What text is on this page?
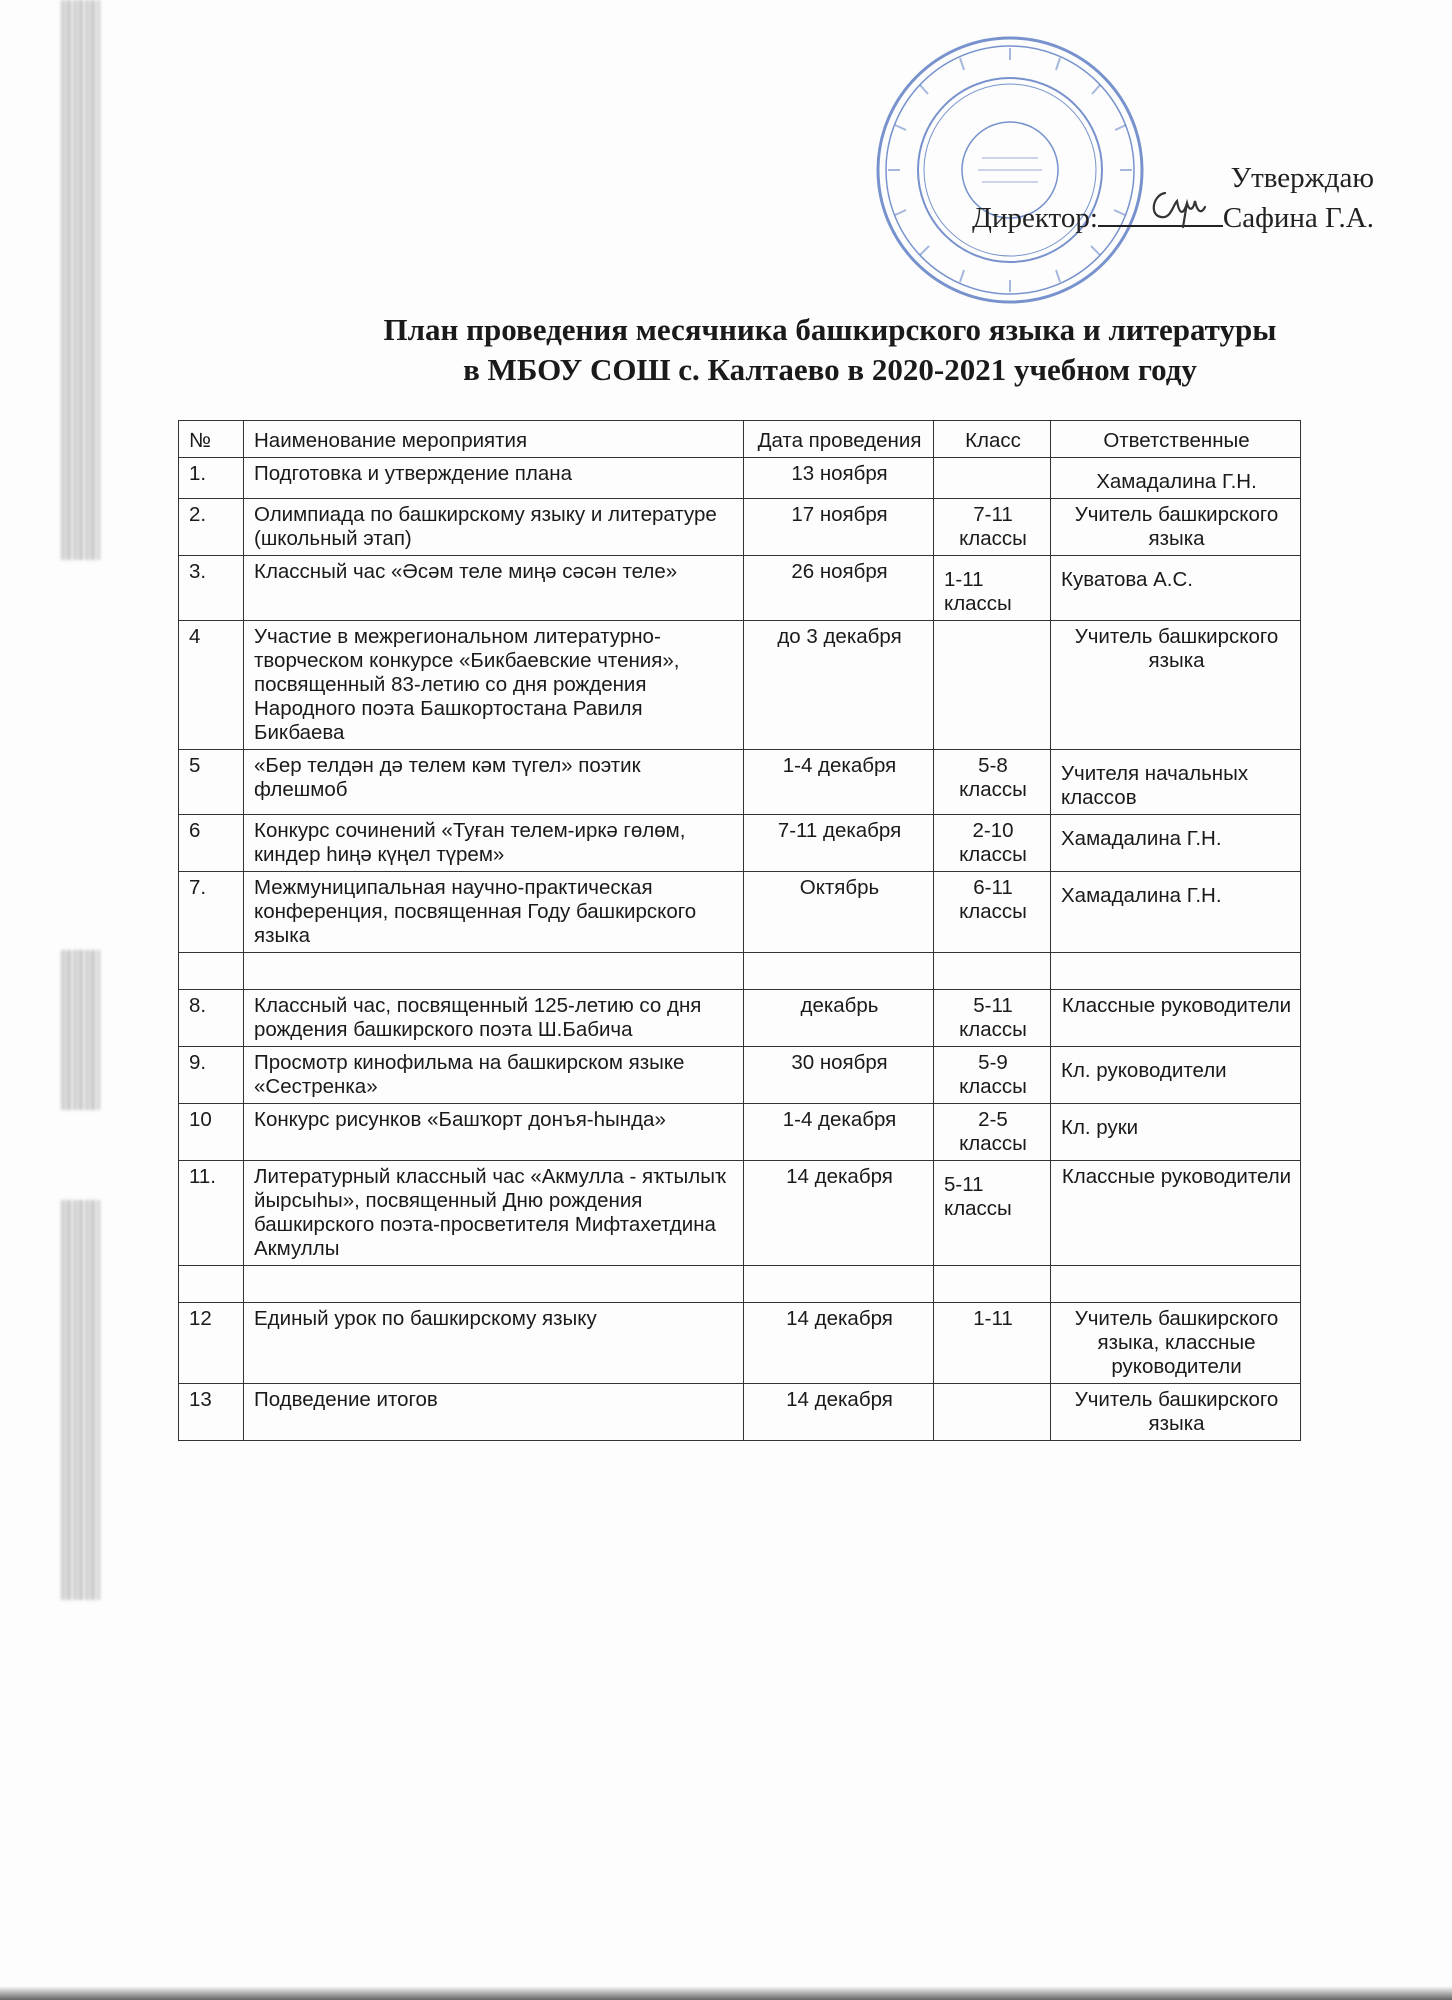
Утверждаю
Директор:	Сафина Г.А.
План проведения месячника башкирского языка и литературы
в МБОУ СОШ с. Калтаево в 2020-2021 учебном году
№	Наименование мероприятия	Дата проведения	Класс	Ответственные
1.	Подготовка и утверждение плана	13 ноября		Хамадалина Г.Н.
2.	Олимпиада по башкирскому языку и литературе (школьный этап)	17 ноября	7-11 классы	Учитель башкирского языка
3.	Классный час «Әсәм теле миңә сәсән теле»	26 ноября	1-11 классы	Куватова А.С.
4	Участие в межрегиональном литературно-творческом конкурсе «Бикбаевские чтения», посвященный 83-летию со дня рождения Народного поэта Башкортостана Равиля Бикбаева	до 3 декабря		Учитель башкирского языка
5	«Бер телдән дә телем кәм түгел» поэтик флешмоб	1-4 декабря	5-8 классы	Учителя начальных классов
6	Конкурс сочинений «Туған телем-иркә гөлөм, киндер һиңә күңел түрем»	7-11 декабря	2-10 классы	Хамадалина Г.Н.
7.	Межмуниципальная научно-практическая конференция, посвященная Году башкирского языка	Октябрь	6-11 классы	Хамадалина Г.Н.

8.	Классный час, посвященный 125-летию со дня рождения башкирского поэта Ш.Бабича	декабрь	5-11 классы	Классные руководители
9.	Просмотр кинофильма на башкирском языке «Сестренка»	30 ноября	5-9 классы	Кл. руководители
10	Конкурс рисунков «Башҡорт донъя-һында»	1-4 декабря	2-5 классы	Кл. руки
11.	Литературный классный час «Акмулла - яҡтылыҡ йырсыһы», посвященный Дню рождения башкирского поэта-просветителя Мифтахетдина Акмуллы	14 декабря	5-11 классы	Классные руководители

12	Единый урок по башкирскому языку	14 декабря	1-11	Учитель башкирского языка, классные руководители
13	Подведение итогов	14 декабря		Учитель башкирского языка
